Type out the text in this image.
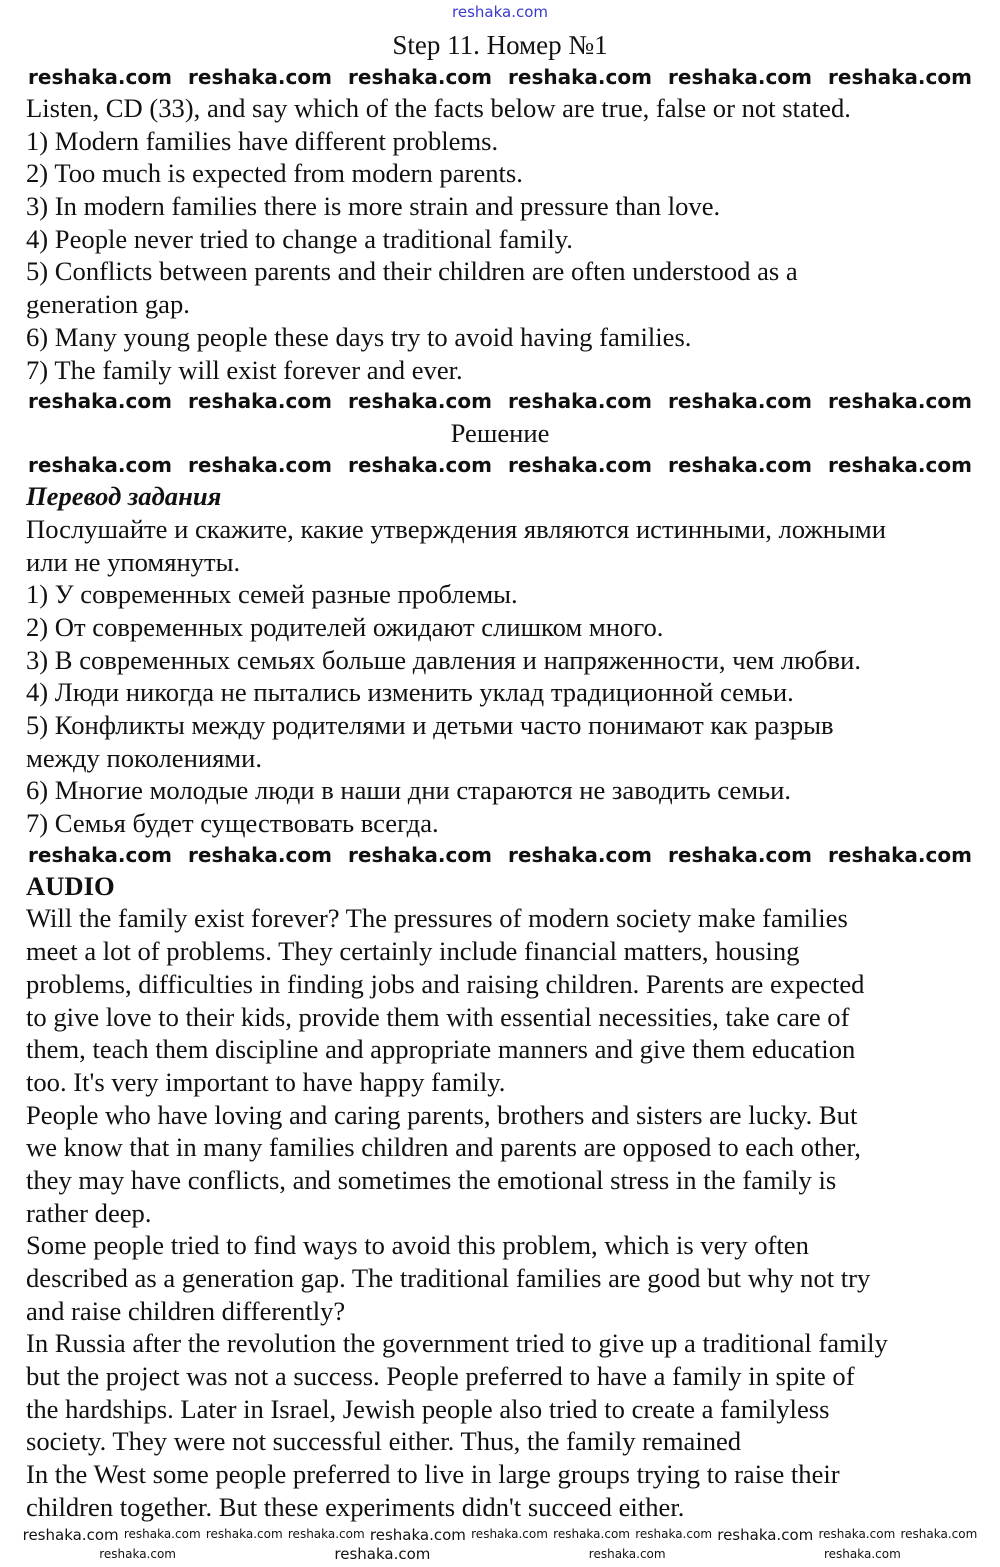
reshaka.com
Step 11. Номер №1
reshaka.com reshaka.com reshaka.com reshaka.com reshaka.com reshaka.com
Listen, CD (33), and say which of the facts below are true, false or not stated.
1) Modern families have different problems.
2) Too much is expected from modern parents.
3) In modern families there is more strain and pressure than love.
4) People never tried to change a traditional family.
5) Conflicts between parents and their children are often understood as a
generation gap.
6) Many young people these days try to avoid having families.
7) The family will exist forever and ever.
reshaka.com reshaka.com reshaka.com reshaka.com reshaka.com reshaka.com
Решение
reshaka.com reshaka.com reshaka.com reshaka.com reshaka.com reshaka.com
Перевод задания
Послушайте и скажите, какие утверждения являются истинными, ложными
или не упомянуты.
1) У современных семей разные проблемы.
2) От современных родителей ожидают слишком много.
3) В современных семьях больше давления и напряженности, чем любви.
4) Люди никогда не пытались изменить уклад традиционной семьи.
5) Конфликты между родителями и детьми часто понимают как разрыв
между поколениями.
6) Многие молодые люди в наши дни стараются не заводить семьи.
7) Семья будет существовать всегда.
reshaka.com reshaka.com reshaka.com reshaka.com reshaka.com reshaka.com
AUDIO
Will the family exist forever? The pressures of modern society make families
meet a lot of problems. They certainly include financial matters, housing
problems, difficulties in finding jobs and raising children. Parents are expected
to give love to their kids, provide them with essential necessities, take care of
them, teach them discipline and appropriate manners and give them education
too. It's very important to have happy family.
People who have loving and caring parents, brothers and sisters are lucky. But
we know that in many families children and parents are opposed to each other,
they may have conflicts, and sometimes the emotional stress in the family is
rather deep.
Some people tried to find ways to avoid this problem, which is very often
described as a generation gap. The traditional families are good but why not try
and raise children differently?
In Russia after the revolution the government tried to give up a traditional family
but the project was not a success. People preferred to have a family in spite of
the hardships. Later in Israel, Jewish people also tried to create a familyless
society. They were not successful either. Thus, the family remained
In the West some people preferred to live in large groups trying to raise their
children together. But these experiments didn't succeed either.
reshaka.com reshaka.com reshaka.com reshaka.com reshaka.com reshaka.com reshaka.com reshaka.com reshaka.com reshaka.com reshaka.com
reshaka.com	reshaka.com	reshaka.com	reshaka.com
